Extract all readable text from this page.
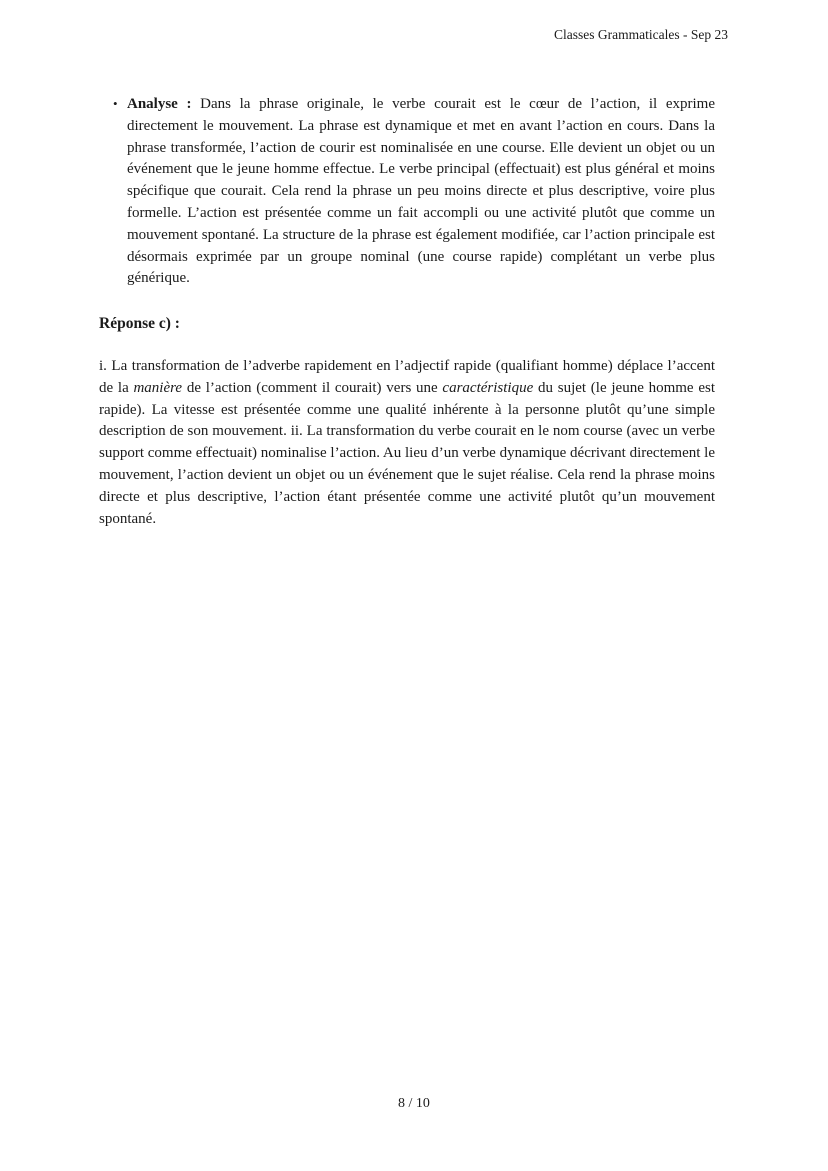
Classes Grammaticales - Sep 23
• Analyse : Dans la phrase originale, le verbe courait est le cœur de l’action, il exprime directement le mouvement. La phrase est dynamique et met en avant l’action en cours. Dans la phrase transformée, l’action de courir est nominalisée en une course. Elle devient un objet ou un événement que le jeune homme effectue. Le verbe principal (effectuait) est plus général et moins spécifique que courait. Cela rend la phrase un peu moins directe et plus descriptive, voire plus formelle. L’action est présentée comme un fait accompli ou une activité plutôt que comme un mouvement spontané. La structure de la phrase est également modifiée, car l’action principale est désormais exprimée par un groupe nominal (une course rapide) complétant un verbe plus générique.
Réponse c) :
i. La transformation de l’adverbe rapidement en l’adjectif rapide (qualifiant homme) déplace l’accent de la manière de l’action (comment il courait) vers une caractéristique du sujet (le jeune homme est rapide). La vitesse est présentée comme une qualité inhérente à la personne plutôt qu’une simple description de son mouvement. ii. La transformation du verbe courait en le nom course (avec un verbe support comme effectuait) nominalise l’action. Au lieu d’un verbe dynamique décrivant directement le mouvement, l’action devient un objet ou un événement que le sujet réalise. Cela rend la phrase moins directe et plus descriptive, l’action étant présentée comme une activité plutôt qu’un mouvement spontané.
8 / 10
